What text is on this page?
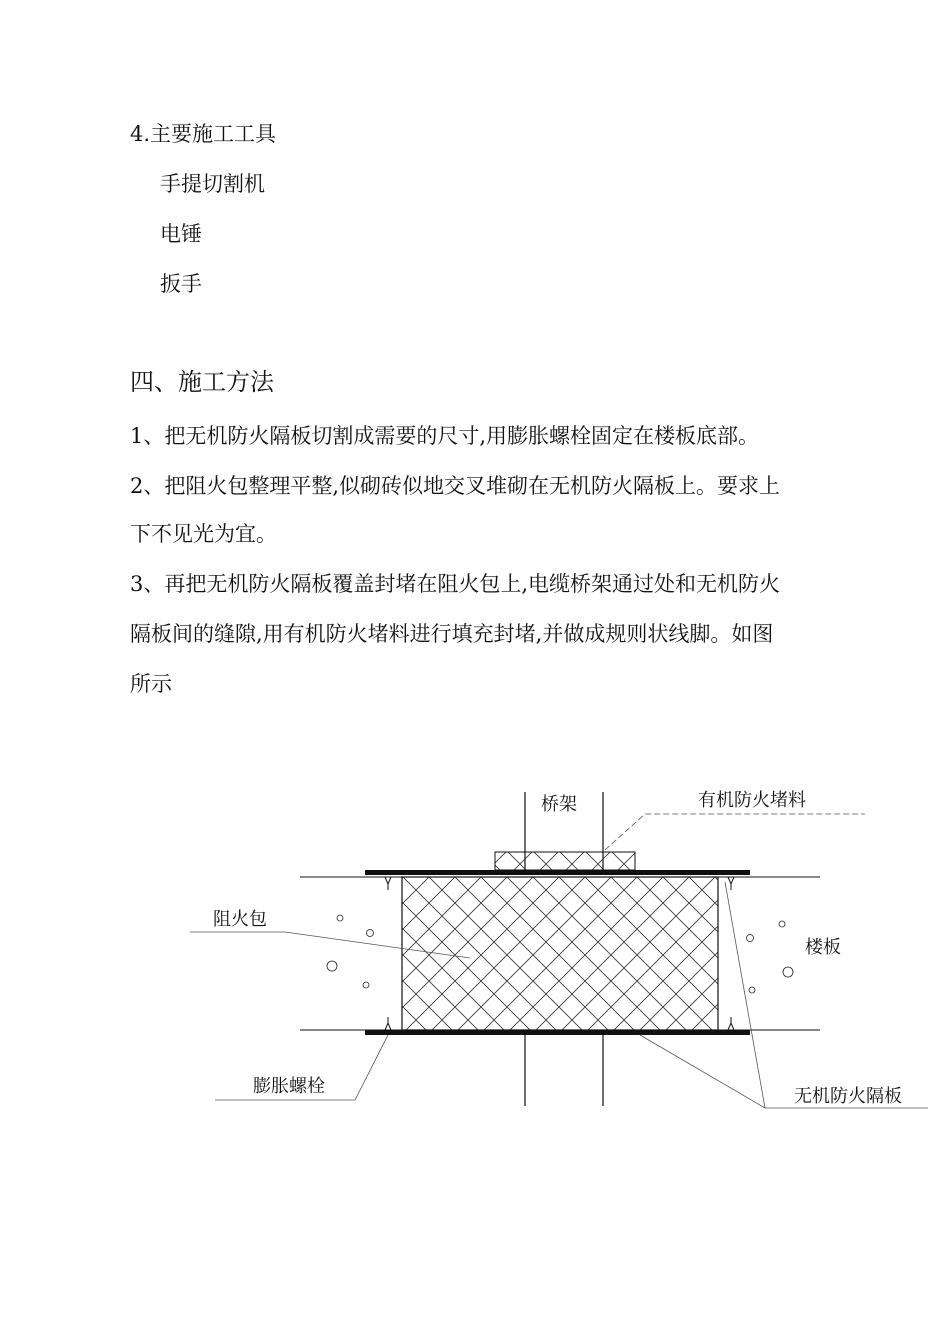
4.主要施工工具
手提切割机
电锤
扳手
四、施工方法
1、把无机防火隔板切割成需要的尺寸,用膨胀螺栓固定在楼板底部。
2、把阻火包整理平整,似砌砖似地交叉堆砌在无机防火隔板上。要求上
下不见光为宜。
3、再把无机防火隔板覆盖封堵在阻火包上,电缆桥架通过处和无机防火
隔板间的缝隙,用有机防火堵料进行填充封堵,并做成规则状线脚。如图
所示
桥架	有机防火堵料
阻火包
楼板
膨胀螺栓	无机防火隔板
